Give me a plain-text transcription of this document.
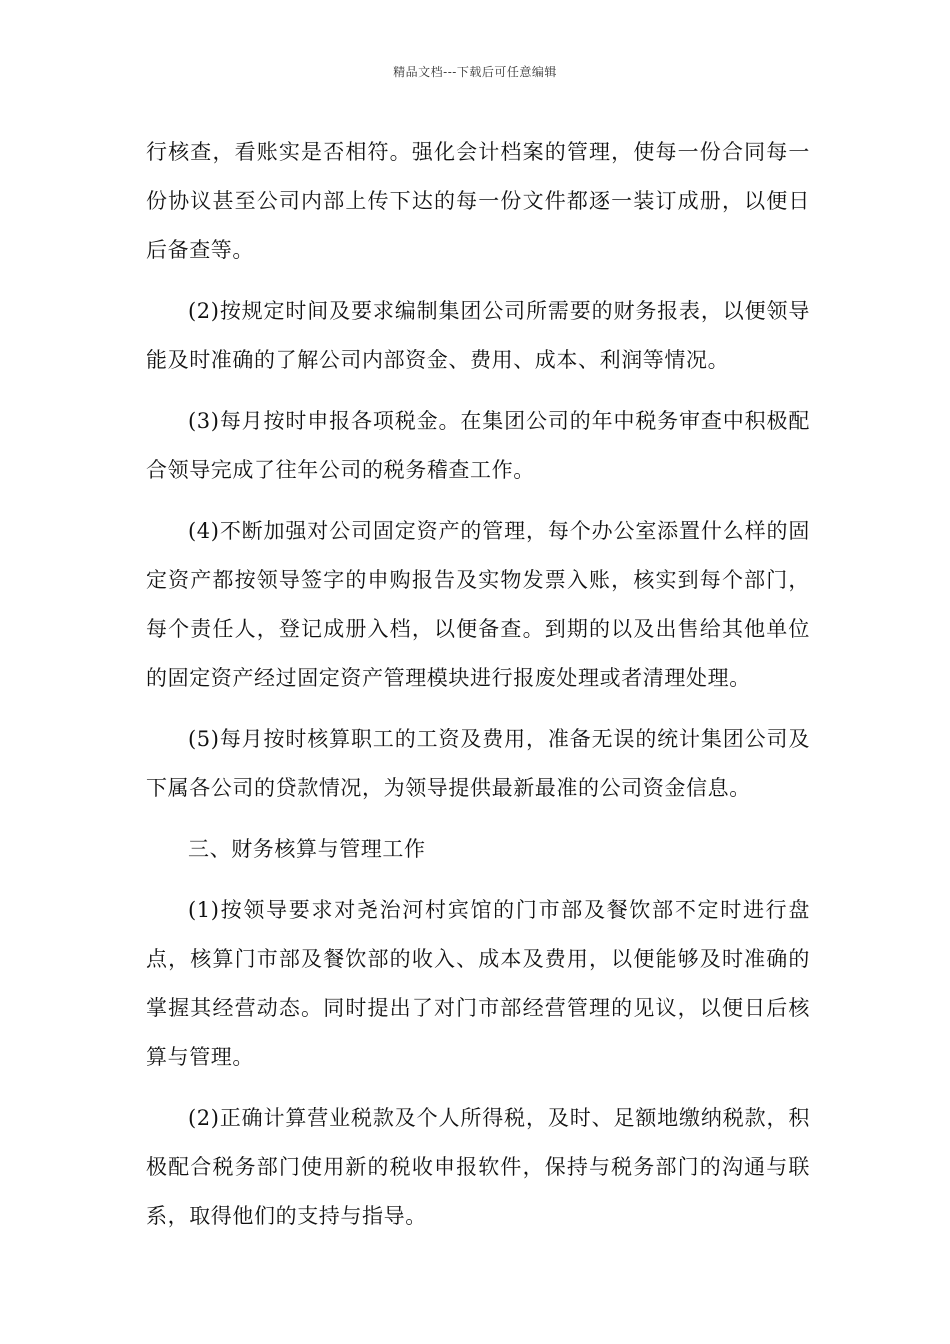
精品文档---下载后可任意编辑

行核查，看账实是否相符。强化会计档案的管理，使每一份合同每一份协议甚至公司内部上传下达的每一份文件都逐一装订成册，以便日后备查等。

(2)按规定时间及要求编制集团公司所需要的财务报表，以便领导能及时准确的了解公司内部资金、费用、成本、利润等情况。

(3)每月按时申报各项税金。在集团公司的年中税务审查中积极配合领导完成了往年公司的税务稽查工作。

(4)不断加强对公司固定资产的管理，每个办公室添置什么样的固定资产都按领导签字的申购报告及实物发票入账，核实到每个部门，每个责任人，登记成册入档，以便备查。到期的以及出售给其他单位的固定资产经过固定资产管理模块进行报废处理或者清理处理。

(5)每月按时核算职工的工资及费用，准备无误的统计集团公司及下属各公司的贷款情况，为领导提供最新最准的公司资金信息。

三、财务核算与管理工作

(1)按领导要求对尧治河村宾馆的门市部及餐饮部不定时进行盘点，核算门市部及餐饮部的收入、成本及费用，以便能够及时准确的掌握其经营动态。同时提出了对门市部经营管理的见议，以便日后核算与管理。

(2)正确计算营业税款及个人所得税，及时、足额地缴纳税款，积极配合税务部门使用新的税收申报软件，保持与税务部门的沟通与联系，取得他们的支持与指导。
